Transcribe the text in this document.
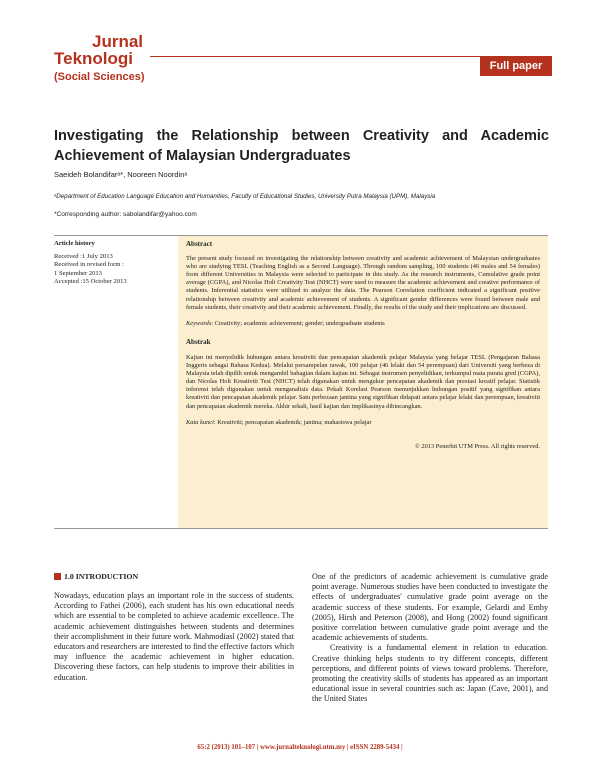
Jurnal
Teknologi
(Social Sciences)
Full paper
Investigating the Relationship between Creativity and Academic
Achievement of Malaysian Undergraduates
Saeideh Bolandifarᵃ*, Nooreen Noordinᵃ
ᵃDepartment of Education Language Education and Humanities, Faculty of Educational Studies, University Putra Malaysia (UPM), Malaysia
*Corresponding author: sabolandifar@yahoo.com
Article history
Received :1 July 2013
Received in revised form :
1 September 2013
Accepted :15 October 2013
Abstract

The present study focused on investigating the relationship between creativity and academic achievement of Malaysian undergraduates who are studying TESL (Teaching English as a Second Language). Through random sampling, 100 students (46 males and 54 females) from different Universities in Malaysia were selected to participate in this study. As the research instruments, Cumulative grade point average (CGPA), and Nicolas Holt Creativity Test (NHCT) were used to measure the academic achievement and creative performance of students. Inferential statistics were utilized to analyze the data. The Pearson Correlation coefficient indicated a significant positive relationship between creativity and academic achievement of students. A significant gender differences were found between male and female students, their creativity and their academic achievement. Finally, the results of the study and their implications are discussed.

Keywords: Creativity; academic achievement; gender; undergraduate students

Abstrak

Kajian ini menyelidik hubungan antara kreativiti dan pencapaian akademik pelajar Malaysia yang belajar TESL (Pengajaran Bahasa Inggeris sebagai Bahasa Kedua). Melalui persampelan rawak, 100 pelajar (46 lelaki dan 54 perempuan) dari Universiti yang berbeza di Malaysia telah dipilih untuk mengambil bahagian dalam kajian ini. Sebagai instrumen penyelidikan, terkumpul mata purata gred (CGPA), dan Nicolas Holt Kreativiti Test (NHCT) telah digunakan untuk mengukur pencapaian akademik dan prestasi kreatif pelajar. Statistik inferensi telah digunakan untuk menganalisis data. Pekali Korelasi Pearson menunjukkan hubungan positif yang signifikan antara kreativiti dan pencapaian akademik pelajar. Satu perbezaan jantina yang signifikan didapati antara pelajar lelaki dan perempuan, kreativiti dan pencapaian akademik mereka. Akhir sekali, hasil kajian dan implikasinya dibincangkan.

Kata kunci: Kreativiti; pencapaian akademik; jantina; mahasiswa pelajar

© 2013 Penerbit UTM Press. All rights reserved.

1.0 INTRODUCTION

Nowadays, education plays an important role in the success of students. According to Fathei (2006), each student has his own educational needs which are essential to be completed to achieve academic excellence. The academic achievement distinguishes between students and determines their accomplishment in their future work. Mahmodiasl (2002) stated that educators and researchers are interested to find the effective factors which may influence the academic achievement in higher education. Discovering these factors, can help students to improve their abilities in education.

One of the predictors of academic achievement is cumulative grade point average. Numerous studies have been conducted to investigate the effects of undergraduates' cumulative grade point average on the academic success of these students. For example, Gelardi and Emby (2005), Hirsh and Peterson (2008), and Hong (2002) found significant positive correlation between cumulative grade point average and the academic achievements of students.

Creativity is a fundamental element in relation to education. Creative thinking helps students to try different concepts, different perceptions, and different points of views toward problems. Therefore, promoting the creativity skills of students has appeared as an important educational issue in several countries such as: Japan (Cave, 2001), and the United States

65:2 (2013) 101–107 | www.jurnalteknologi.utm.my | eISSN 2289-5434 |
